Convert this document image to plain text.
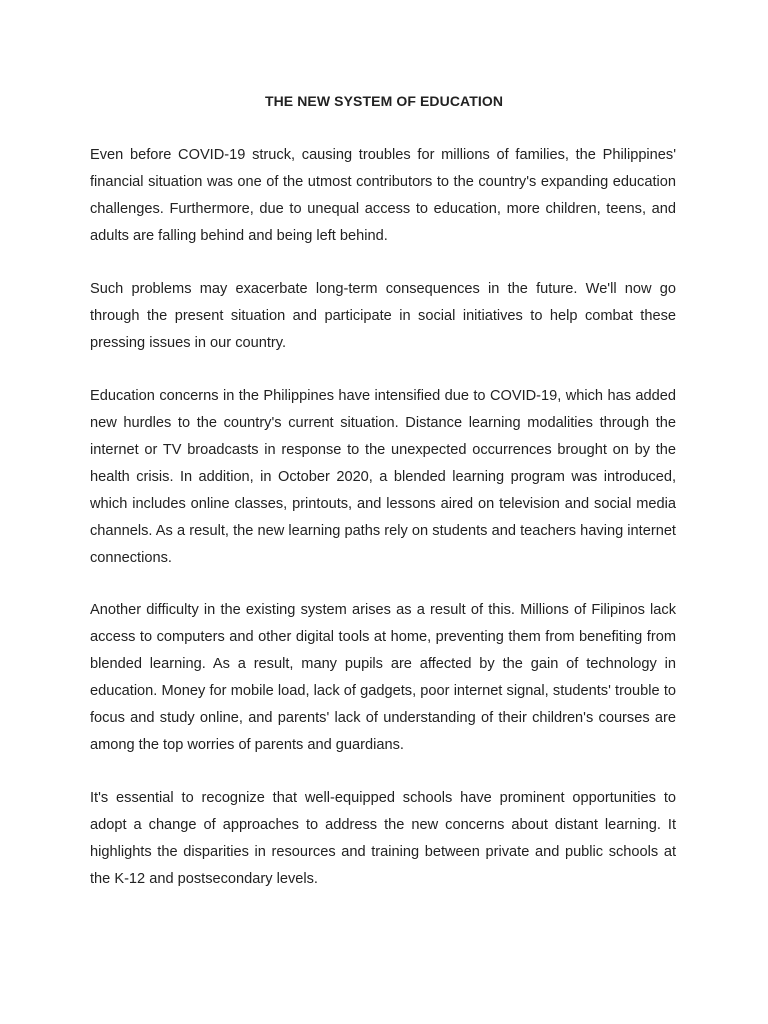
THE NEW SYSTEM OF EDUCATION

Even before COVID-19 struck, causing troubles for millions of families, the Philippines' financial situation was one of the utmost contributors to the country's expanding education challenges. Furthermore, due to unequal access to education, more children, teens, and adults are falling behind and being left behind.

Such problems may exacerbate long-term consequences in the future. We'll now go through the present situation and participate in social initiatives to help combat these pressing issues in our country.

Education concerns in the Philippines have intensified due to COVID-19, which has added new hurdles to the country's current situation. Distance learning modalities through the internet or TV broadcasts in response to the unexpected occurrences brought on by the health crisis. In addition, in October 2020, a blended learning program was introduced, which includes online classes, printouts, and lessons aired on television and social media channels. As a result, the new learning paths rely on students and teachers having internet connections.

Another difficulty in the existing system arises as a result of this. Millions of Filipinos lack access to computers and other digital tools at home, preventing them from benefiting from blended learning. As a result, many pupils are affected by the gain of technology in education. Money for mobile load, lack of gadgets, poor internet signal, students' trouble to focus and study online, and parents' lack of understanding of their children's courses are among the top worries of parents and guardians.

It's essential to recognize that well-equipped schools have prominent opportunities to adopt a change of approaches to address the new concerns about distant learning. It highlights the disparities in resources and training between private and public schools at the K-12 and postsecondary levels.
